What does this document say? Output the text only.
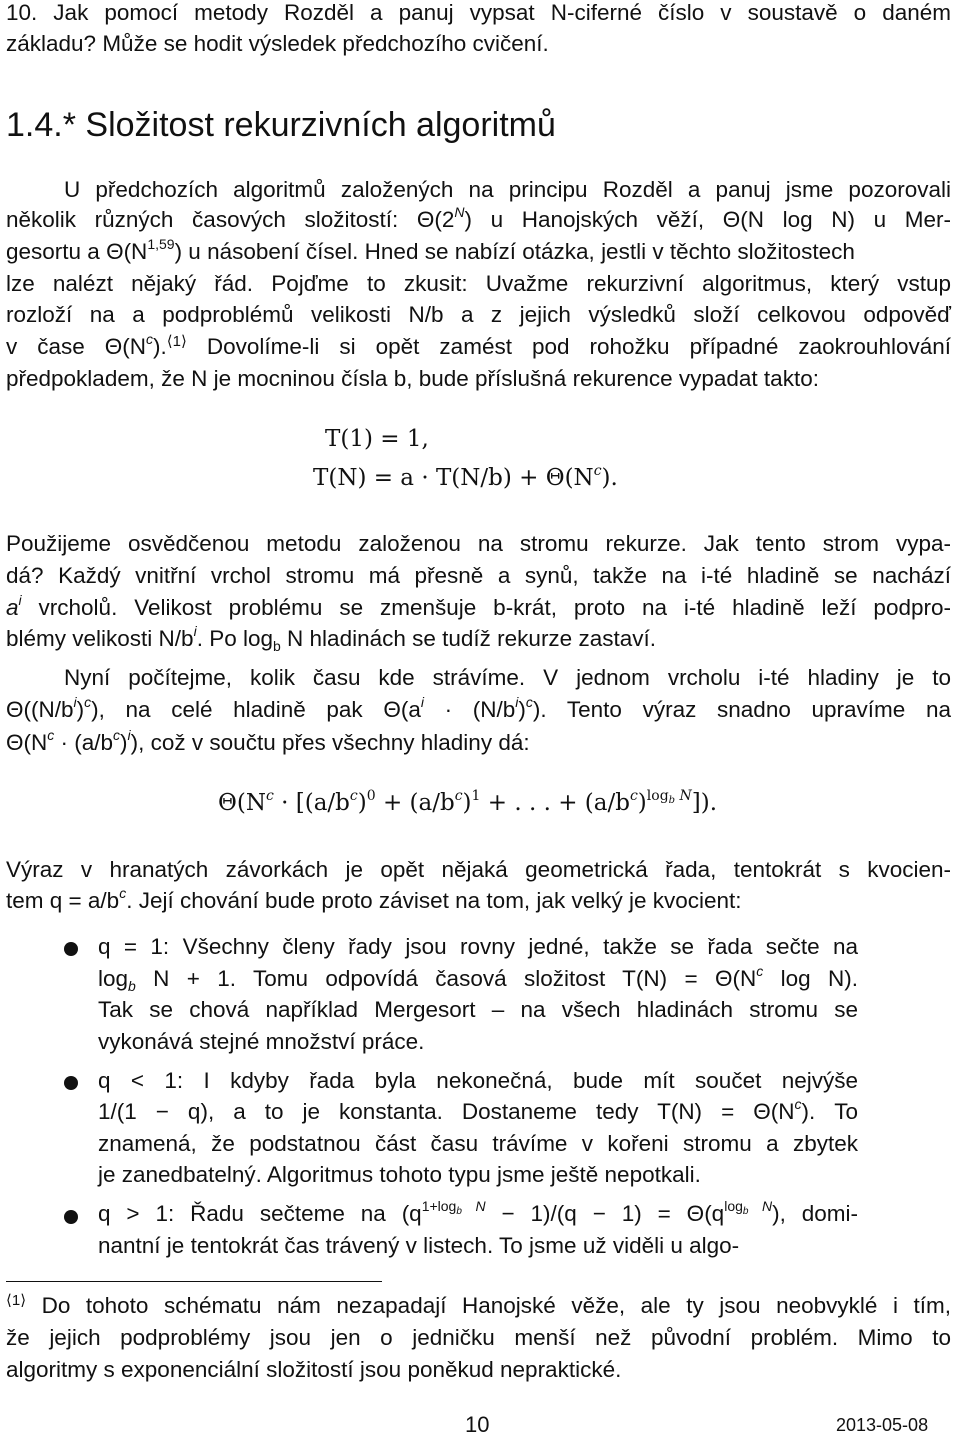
10. Jak pomocí metody Rozděl a panuj vypsat N-ciferné číslo v soustavě o daném
základu? Může se hodit výsledek předchozího cvičení.
1.4.* Složitost rekurzivních algoritmů
U předchozích algoritmů založených na principu Rozděl a panuj jsme pozorovali
několik různých časových složitostí: $\Theta(2^N)$ u Hanojských věží, Θ(N log N) u Mer-
gesortu a $\Theta(N^{1,59})$ u násobení čísel. Hned se nabízí otázka, jestli v těchto složitostech
lze nalézt nějaký řád. Pojďme to zkusit: Uvažme rekurzivní algoritmus, který vstup
rozloží na a podproblémů velikosti N/b a z jejich výsledků složí celkovou odpověď
v čase $\Theta(N^c).^{⟨1⟩}$ Dovolíme-li si opět zamést pod rohožku případné zaokrouhlování
předpokladem, že N je mocninou čísla b, bude příslušná rekurence vypadat takto:
T(1) = 1,
$T(N) = a \cdot T(N/b) + \Theta(N^c)$.
Použijeme osvědčenou metodu založenou na stromu rekurze. Jak tento strom vypa-
dá? Každý vnitřní vrchol stromu má přesně a synů, takže na i-té hladině se nachází
$a^i$ vrcholů. Velikost problému se zmenšuje b-krát, proto na i-té hladině leží podpro-
blémy velikosti $N/b^i$. Po $\log_b N$ hladinách se tudíž rekurze zastaví.
Nyní počítejme, kolik času kde strávíme. V jednom vrcholu i-té hladiny je to
$\Theta((N/b^i)^c)$, na celé hladině pak $\Theta(a^i \cdot (N/b^i)^c)$. Tento výraz snadno upravíme na
$\Theta(N^c \cdot (a/b^c)^i)$, což v součtu přes všechny hladiny dá:
$\Theta(N^c \cdot [(a/b^c)^0 + (a/b^c)^1$ + . . . + $(a/b^c)^{log_b N}$]).
Výraz v hranatých závorkách je opět nějaká geometrická řada, tentokrát s kvocien-
tem $q = a/b^c$. Její chování bude proto záviset na tom, jak velký je kvocient:
q = 1: Všechny členy řady jsou rovny jedné, takže se řada sečte na
$\log_b N + 1$. Tomu odpovídá časová složitost $T(N) = \Theta(N^c$ log N).
Tak se chová například Mergesort – na všech hladinách stromu se
vykonává stejné množství práce.
q < 1: I kdyby řada byla nekonečná, bude mít součet nejvýše
1/(1 − q), a to je konstanta. Dostaneme tedy $T(N) = \Theta(N^c)$. To
znamená, že podstatnou část času trávíme v kořeni stromu a zbytek
je zanedbatelný. Algoritmus tohoto typu jsme ještě nepotkali.
q > 1: Řadu sečteme na $(q^{1+log_b N} - 1)/(q - 1) = \Theta(q^{log_b N})$, domi-
nantní je tentokrát čas trávený v listech. To jsme už viděli u algo-
$^{⟨1⟩}$ Do tohoto schématu nám nezapadají Hanojské věže, ale ty jsou neobvyklé i tím,
že jejich podproblémy jsou jen o jedničku menší než původní problém. Mimo to
algoritmy s exponenciální složitostí jsou poněkud nepraktické.
10	2013-05-08
